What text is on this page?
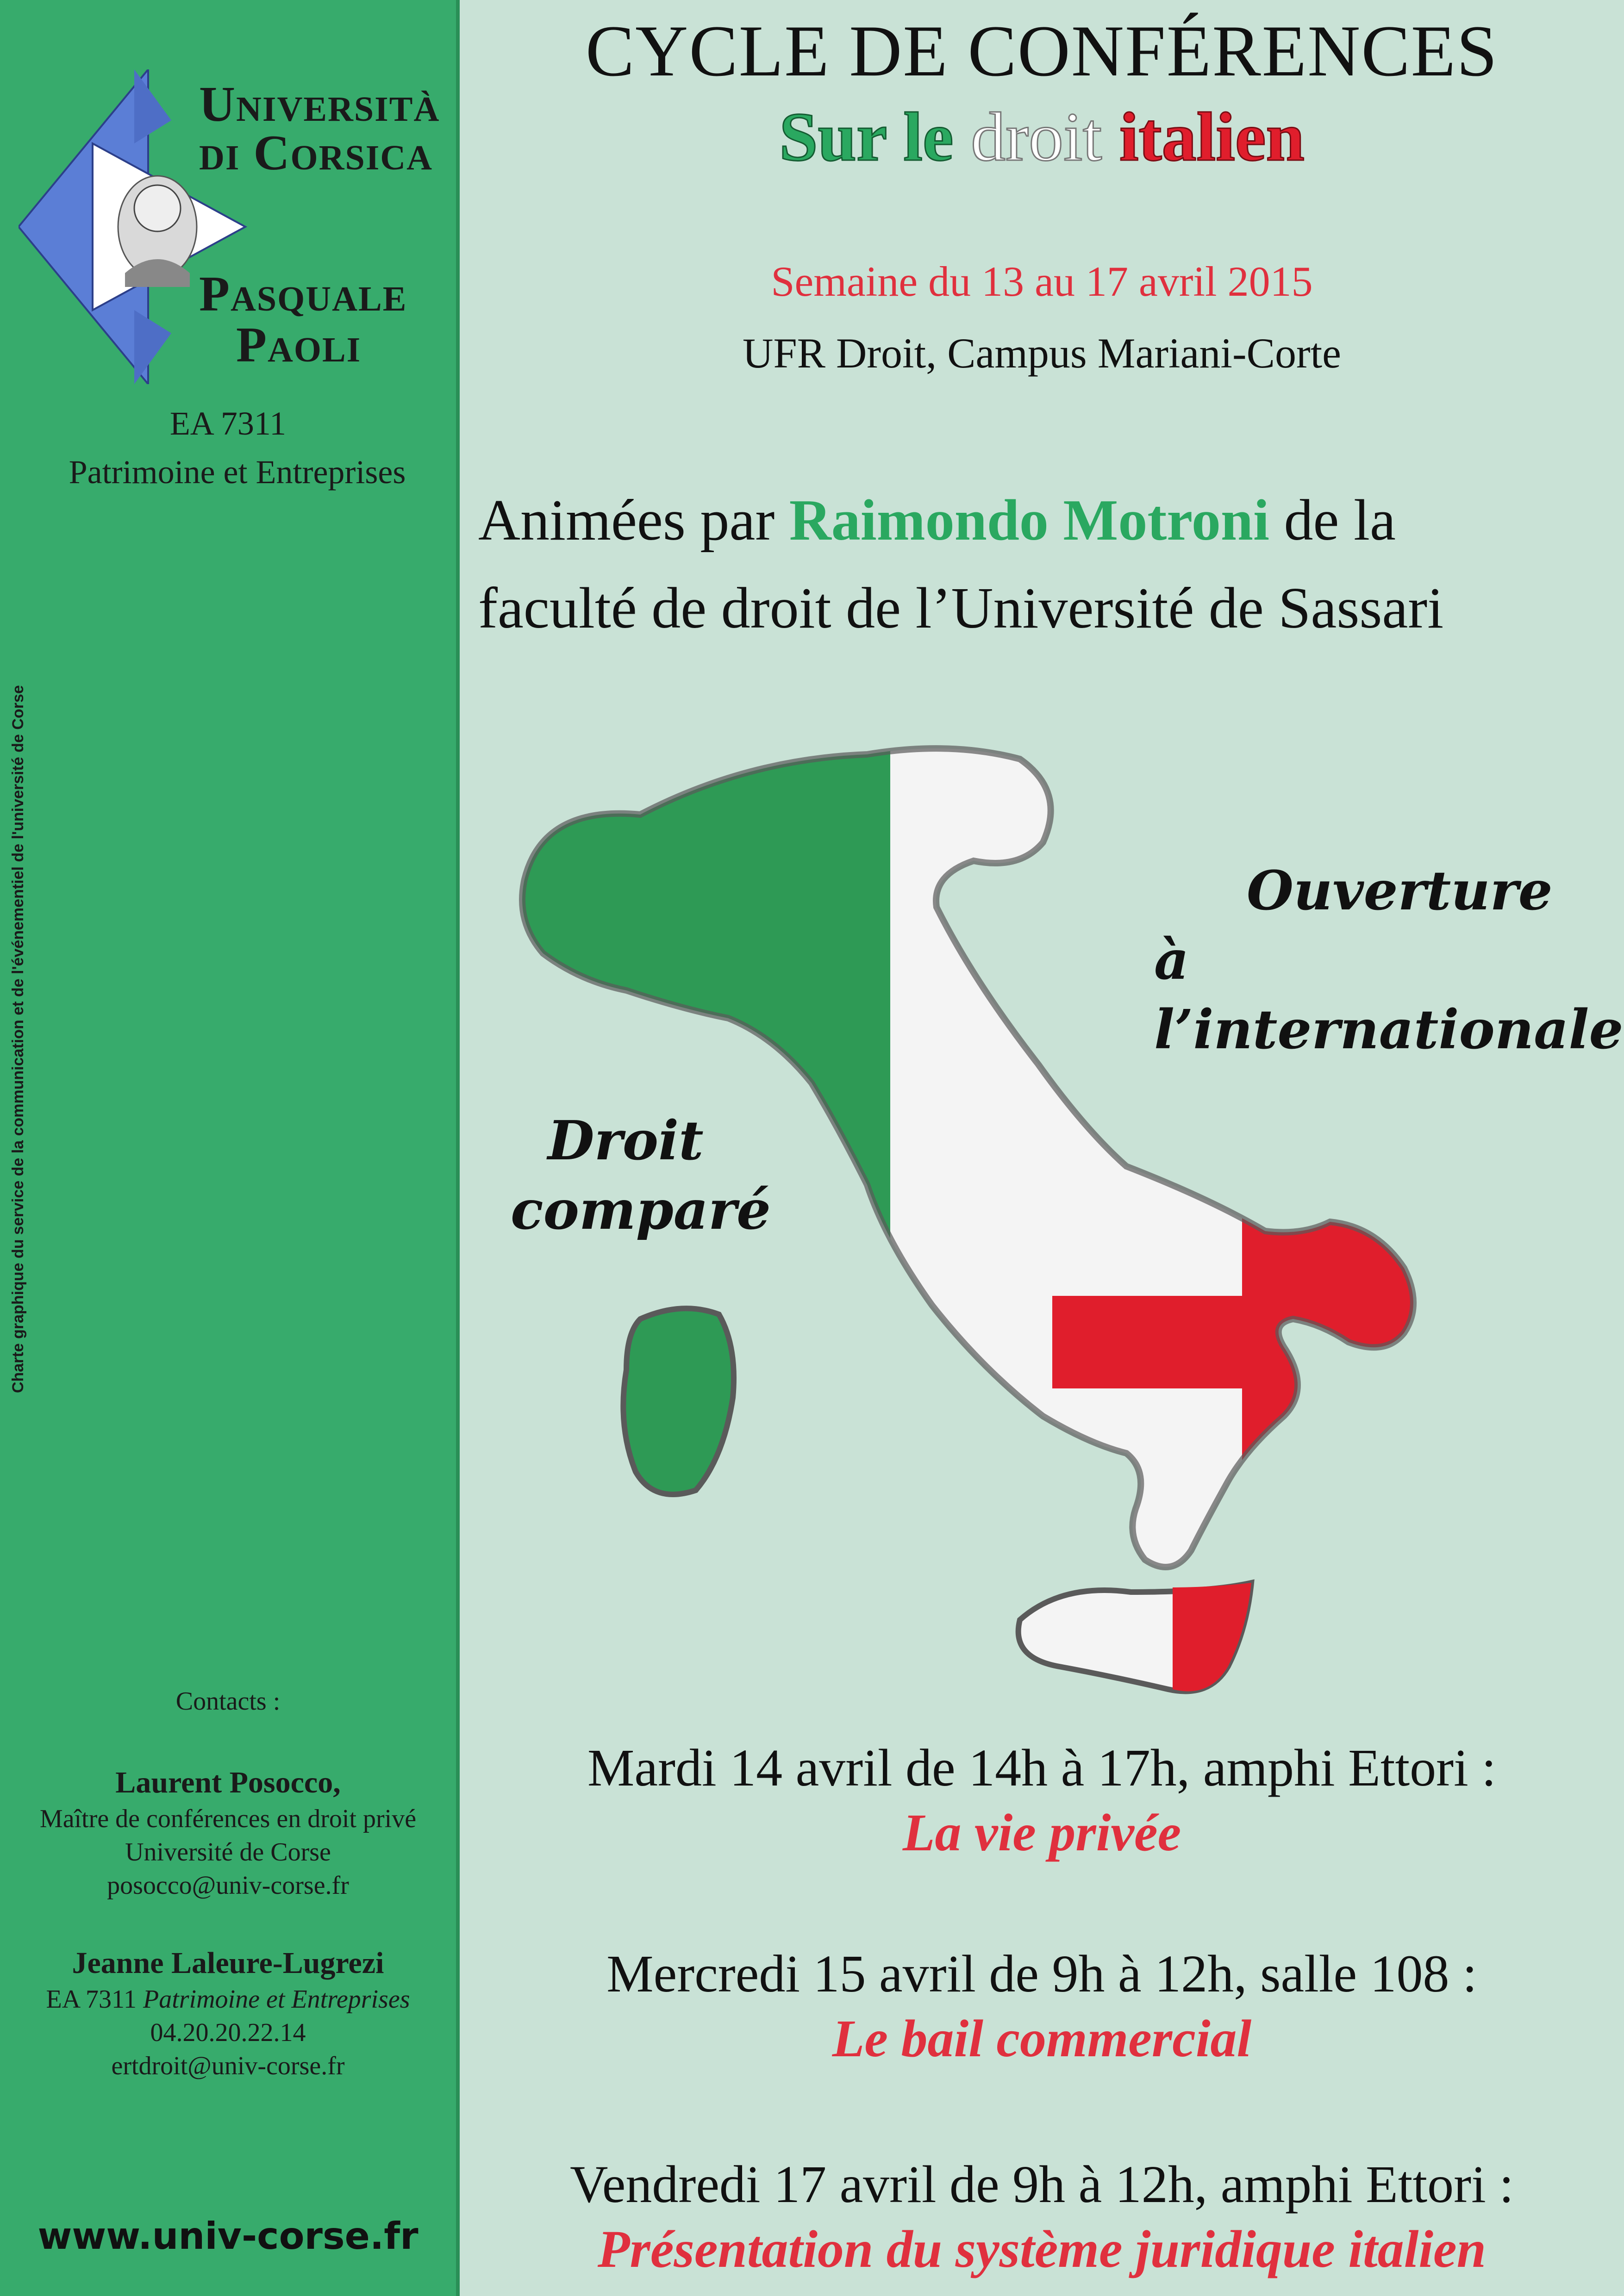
Università
di Corsica
Pasquale
Paoli
EA 7311
Patrimoine et Entreprises
Charte graphique du service de la communication et de l'événementiel de l'université de Corse
Contacts :
Laurent Posocco,
Maître de conférences en droit privé
Université de Corse
posocco@univ-corse.fr
Jeanne Laleure-Lugrezi
EA 7311 Patrimoine et Entreprises
04.20.20.22.14
ertdroit@univ-corse.fr
www.univ-corse.fr
CYCLE DE CONFÉRENCES
Sur le droit italien
Semaine du 13 au 17 avril 2015
UFR Droit, Campus Mariani-Corte
Animées par Raimondo Motroni de la
faculté de droit de l’Université de Sassari
Ouverture
à l’internationale
Droit
comparé
Mardi 14 avril de 14h à 17h, amphi Ettori :
La vie privée
Mercredi 15 avril de 9h à 12h, salle 108 :
Le bail commercial
Vendredi 17 avril de 9h à 12h, amphi Ettori :
Présentation du système juridique italien
